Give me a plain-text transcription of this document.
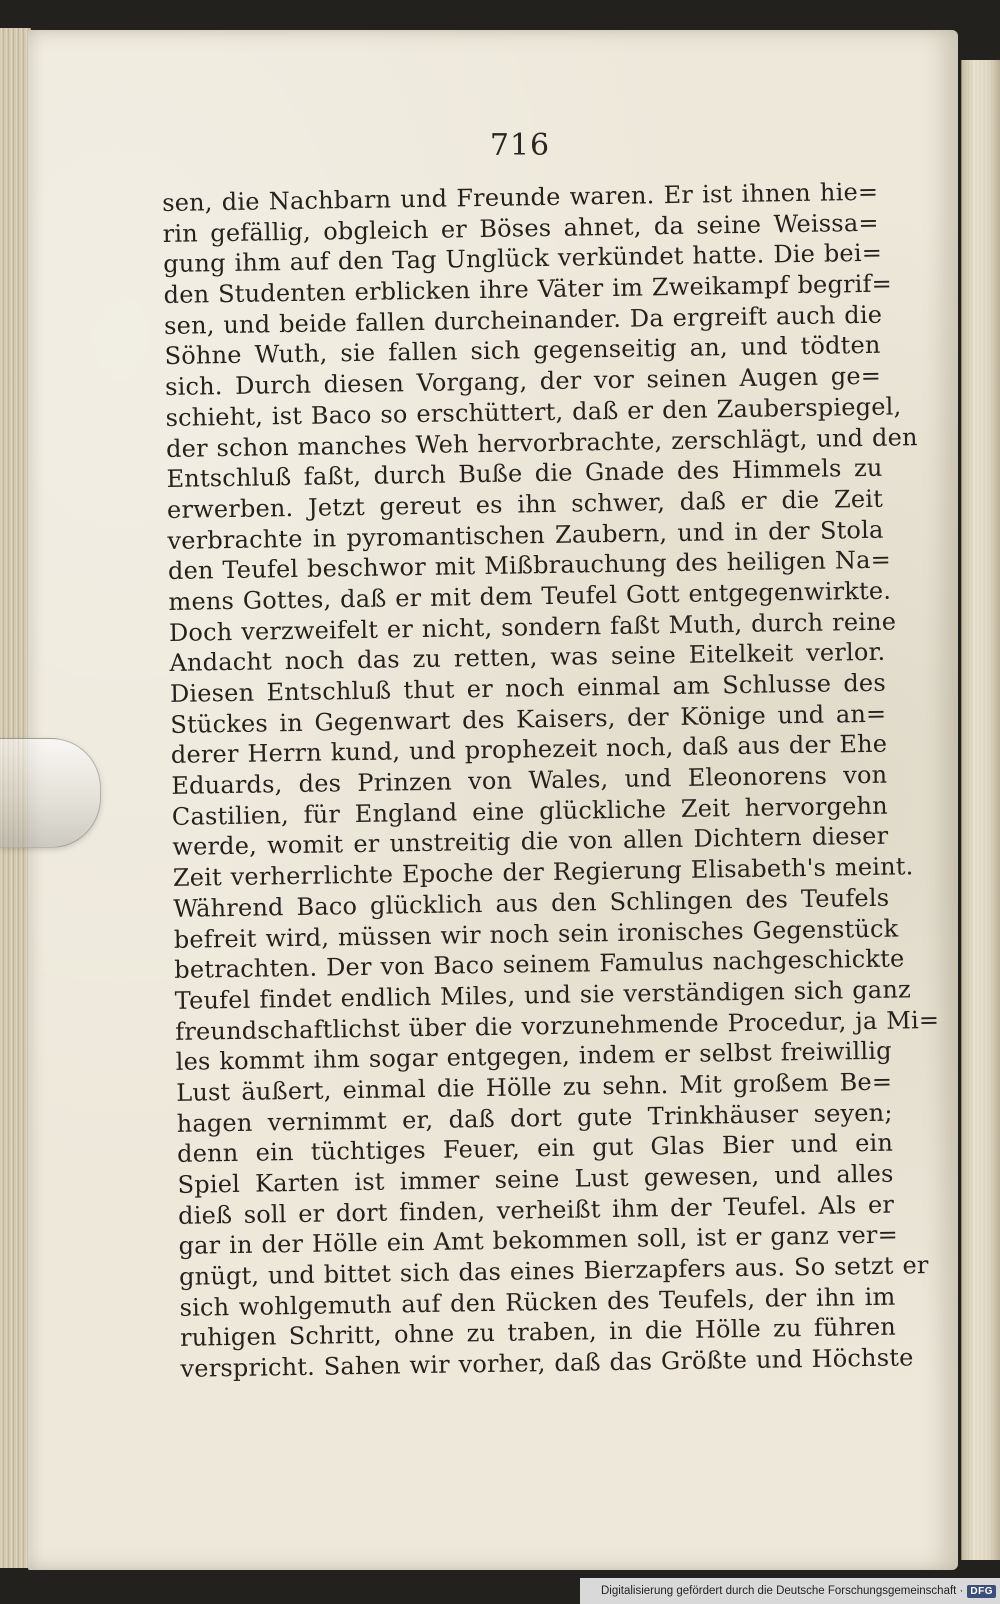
716
sen, die Nachbarn und Freunde waren. Er ist ihnen hie=
rin gefällig, obgleich er Böses ahnet, da seine Weissa=
gung ihm auf den Tag Unglück verkündet hatte. Die bei=
den Studenten erblicken ihre Väter im Zweikampf begrif=
sen, und beide fallen durcheinander. Da ergreift auch die
Söhne Wuth, sie fallen sich gegenseitig an, und tödten
sich. Durch diesen Vorgang, der vor seinen Augen ge=
schieht, ist Baco so erschüttert, daß er den Zauberspiegel,
der schon manches Weh hervorbrachte, zerschlägt, und den
Entschluß faßt, durch Buße die Gnade des Himmels zu
erwerben. Jetzt gereut es ihn schwer, daß er die Zeit
verbrachte in pyromantischen Zaubern, und in der Stola
den Teufel beschwor mit Mißbrauchung des heiligen Na=
mens Gottes, daß er mit dem Teufel Gott entgegenwirkte.
Doch verzweifelt er nicht, sondern faßt Muth, durch reine
Andacht noch das zu retten, was seine Eitelkeit verlor.
Diesen Entschluß thut er noch einmal am Schlusse des
Stückes in Gegenwart des Kaisers, der Könige und an=
derer Herrn kund, und prophezeit noch, daß aus der Ehe
Eduards, des Prinzen von Wales, und Eleonorens von
Castilien, für England eine glückliche Zeit hervorgehn
werde, womit er unstreitig die von allen Dichtern dieser
Zeit verherrlichte Epoche der Regierung Elisabeth's meint.
Während Baco glücklich aus den Schlingen des Teufels
befreit wird, müssen wir noch sein ironisches Gegenstück
betrachten. Der von Baco seinem Famulus nachgeschickte
Teufel findet endlich Miles, und sie verständigen sich ganz
freundschaftlichst über die vorzunehmende Procedur, ja Mi=
les kommt ihm sogar entgegen, indem er selbst freiwillig
Lust äußert, einmal die Hölle zu sehn. Mit großem Be=
hagen vernimmt er, daß dort gute Trinkhäuser seyen;
denn ein tüchtiges Feuer, ein gut Glas Bier und ein
Spiel Karten ist immer seine Lust gewesen, und alles
dieß soll er dort finden, verheißt ihm der Teufel. Als er
gar in der Hölle ein Amt bekommen soll, ist er ganz ver=
gnügt, und bittet sich das eines Bierzapfers aus. So setzt er
sich wohlgemuth auf den Rücken des Teufels, der ihn im
ruhigen Schritt, ohne zu traben, in die Hölle zu führen
verspricht. Sahen wir vorher, daß das Größte und Höchste
Digitalisierung gefördert durch die Deutsche Forschungsgemeinschaft · DFG
